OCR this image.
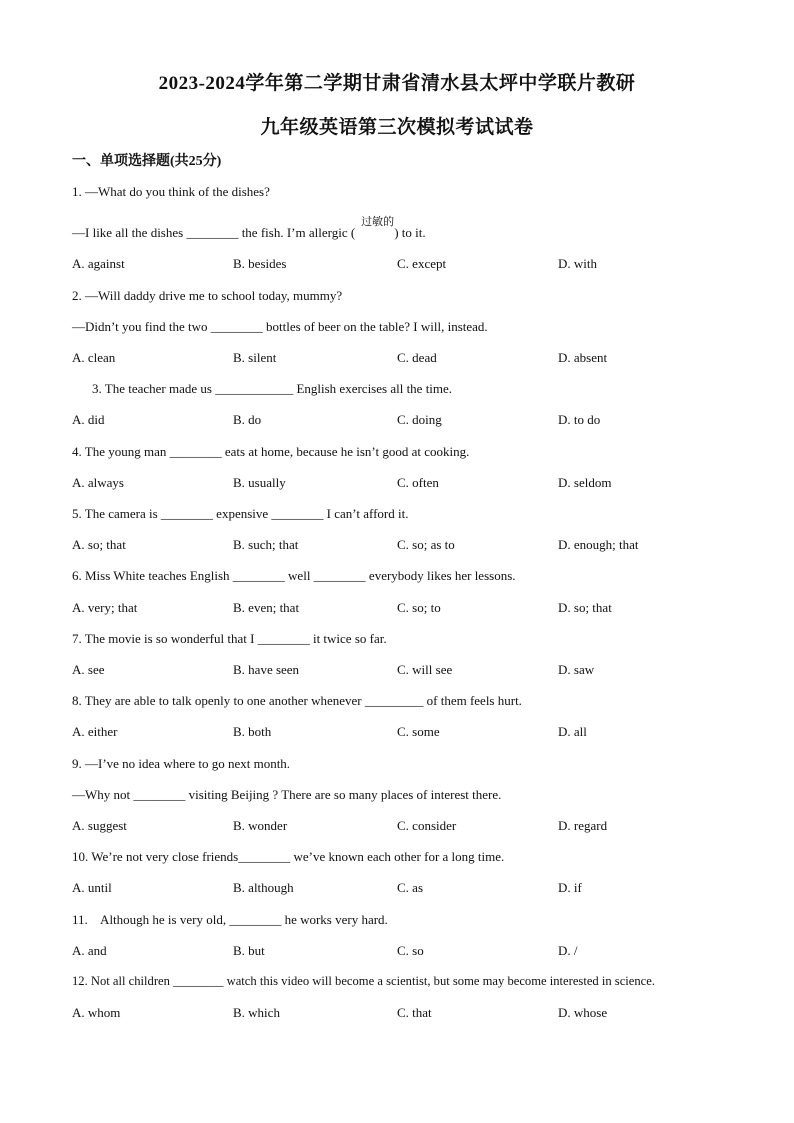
2023-2024学年第二学期甘肃省清水县太坪中学联片教研
九年级英语第三次模拟考试试卷
一、单项选择题(共25分)
1. —What do you think of the dishes?
—I like all the dishes ________ the fish. I’m allergic (
过敏的
) to it.
A. against	B. besides	C. except	D. with
2. —Will daddy drive me to school today, mummy?
—Didn’t you find the two ________ bottles of beer on the table? I will, instead.
A. clean	B. silent	C. dead	D. absent
3. The teacher made us ____________ English exercises all the time.
A. did	B. do	C. doing	D. to do
4. The young man ________ eats at home, because he isn’t good at cooking.
A. always	B. usually	C. often	D. seldom
5. The camera is ________ expensive ________ I can’t afford it.
A. so; that	B. such; that	C. so; as to	D. enough; that
6. Miss White teaches English ________ well ________ everybody likes her lessons.
A. very; that	B. even; that	C. so; to	D. so; that
7. The movie is so wonderful that I ________ it twice so far.
A. see	B. have seen	C. will see	D. saw
8. They are able to talk openly to one another whenever _________ of them feels hurt.
A. either	B. both	C. some	D. all
9. —I’ve no idea where to go next month.
—Why not ________ visiting Beijing ? There are so many places of interest there.
A. suggest	B. wonder	C. consider	D. regard
10. We’re not very close friends________ we’ve known each other for a long time.
A. until	B. although	C. as	D. if
11.    Although he is very old, ________ he works very hard.
A. and	B. but	C. so	D. /
12. Not all children ________ watch this video will become a scientist, but some may become interested in science.
A. whom	B. which	C. that	D. whose
